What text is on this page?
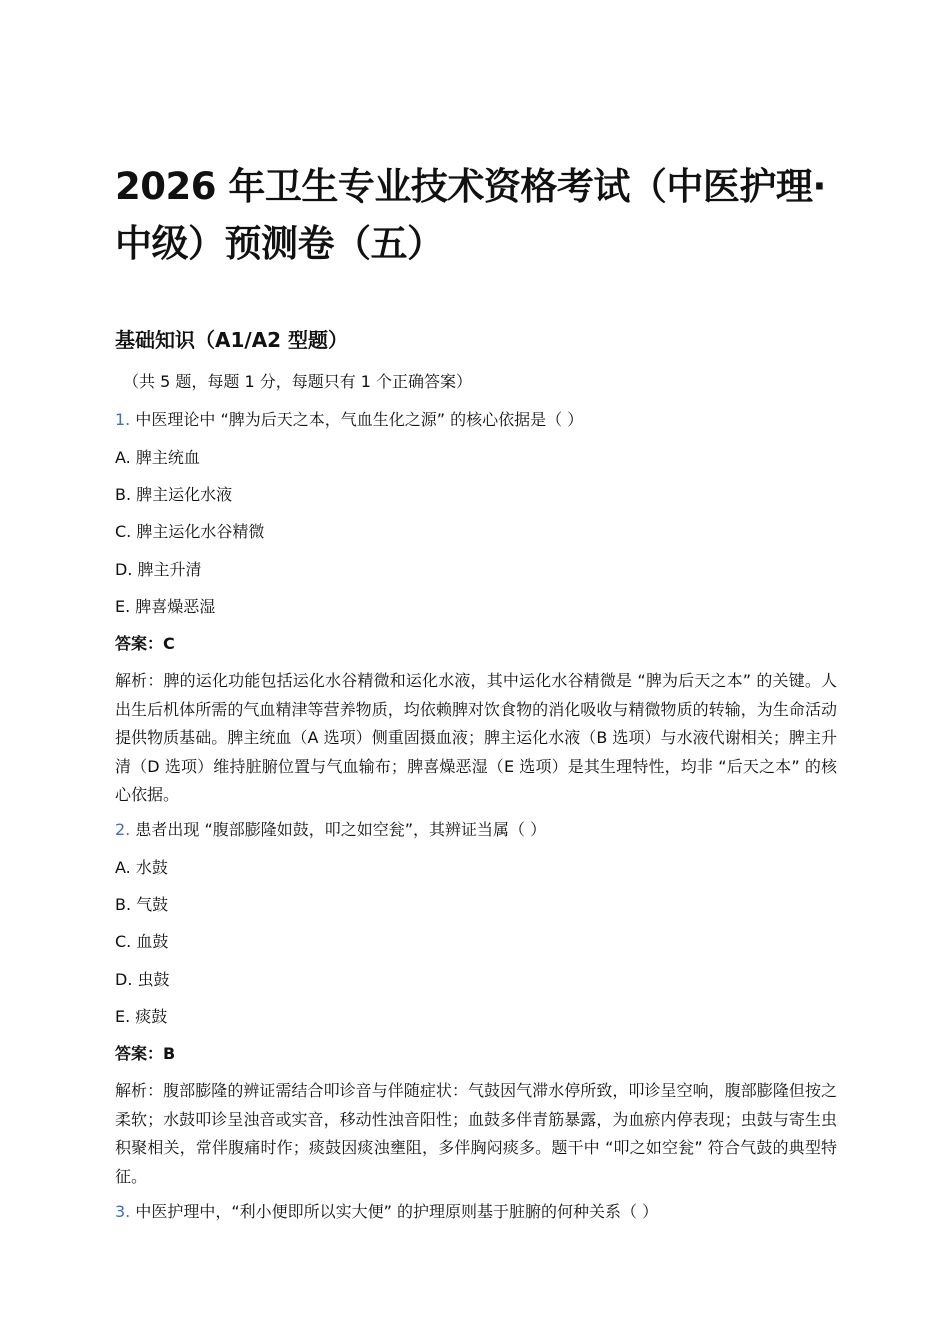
2026 年卫生专业技术资格考试（中医护理·中级）预测卷（五）
基础知识（A1/A2 型题）

（共 5 题，每题 1 分，每题只有 1 个正确答案）

1. 中医理论中 “脾为后天之本，气血生化之源” 的核心依据是（ ）

A. 脾主统血

B. 脾主运化水液

C. 脾主运化水谷精微

D. 脾主升清

E. 脾喜燥恶湿

答案：C

解析：脾的运化功能包括运化水谷精微和运化水液，其中运化水谷精微是 “脾为后天之本” 的关键。人出生后机体所需的气血精津等营养物质，均依赖脾对饮食物的消化吸收与精微物质的转输，为生命活动提供物质基础。脾主统血（A 选项）侧重固摄血液；脾主运化水液（B 选项）与水液代谢相关；脾主升清（D 选项）维持脏腑位置与气血输布；脾喜燥恶湿（E 选项）是其生理特性，均非 “后天之本” 的核心依据。

2. 患者出现 “腹部膨隆如鼓，叩之如空瓮”，其辨证当属（ ）

A. 水鼓

B. 气鼓

C. 血鼓

D. 虫鼓

E. 痰鼓

答案：B

解析：腹部膨隆的辨证需结合叩诊音与伴随症状：气鼓因气滞水停所致，叩诊呈空响，腹部膨隆但按之柔软；水鼓叩诊呈浊音或实音，移动性浊音阳性；血鼓多伴青筋暴露，为血瘀内停表现；虫鼓与寄生虫积聚相关，常伴腹痛时作；痰鼓因痰浊壅阻，多伴胸闷痰多。题干中 “叩之如空瓮” 符合气鼓的典型特征。

3. 中医护理中，“利小便即所以实大便” 的护理原则基于脏腑的何种关系（ ）
